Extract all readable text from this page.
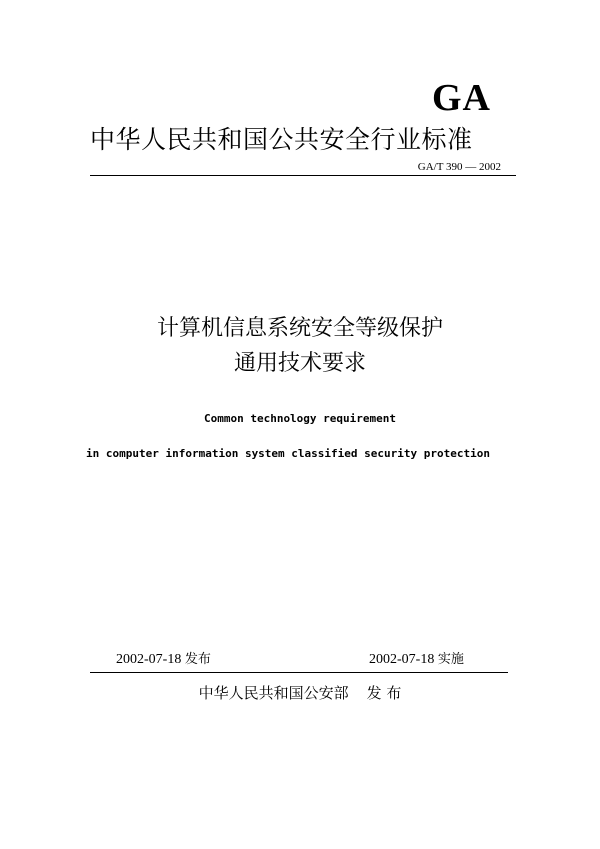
GA
中华人民共和国公共安全行业标准
GA/T 390 — 2002
计算机信息系统安全等级保护
通用技术要求
Common technology requirement
in computer information system classified security protection
2002-07-18 发布	2002-07-18 实施
中华人民共和国公安部 发 布
